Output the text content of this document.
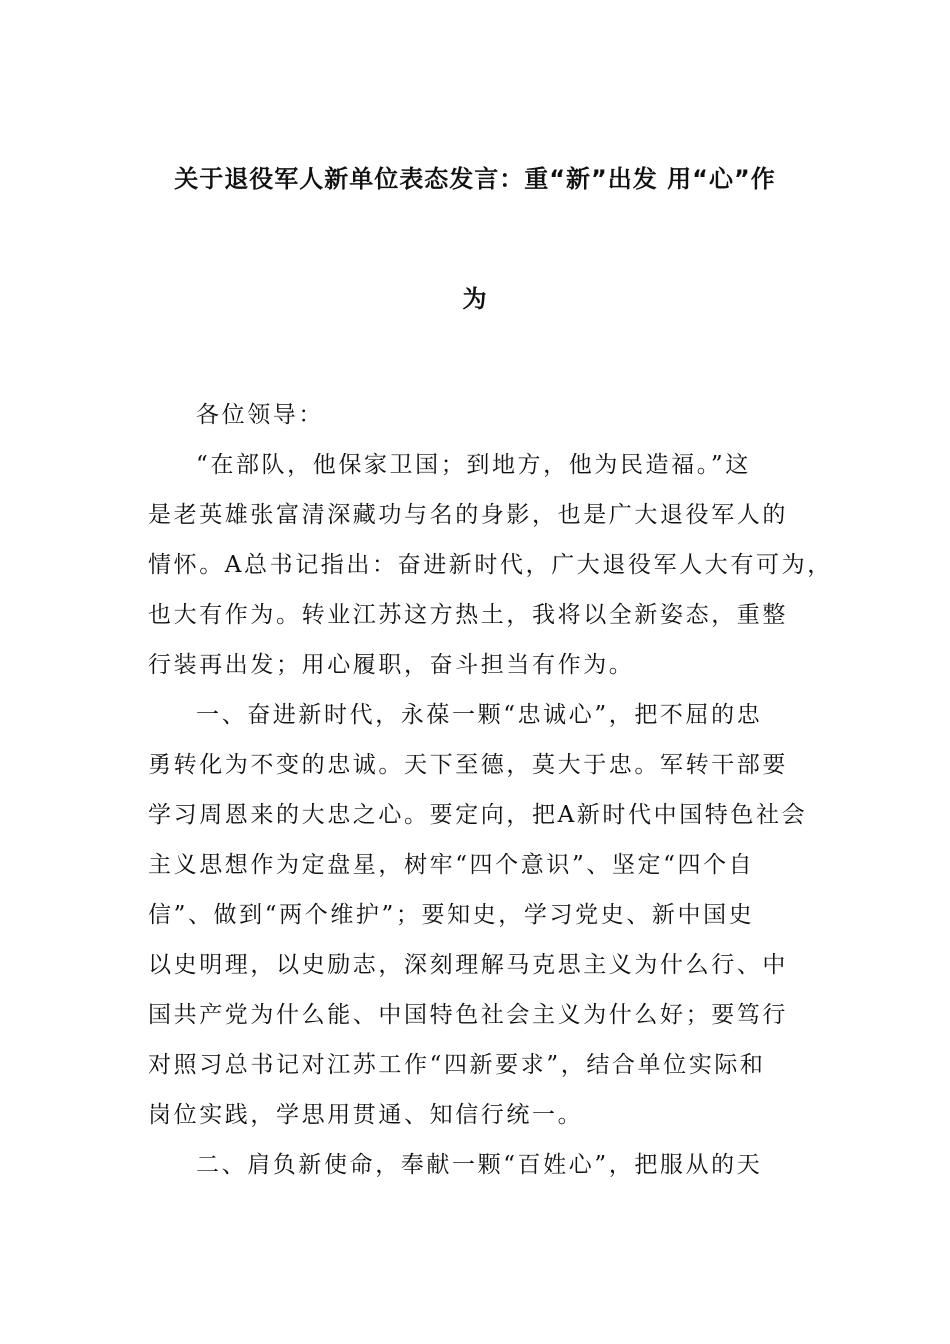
关于退役军人新单位表态发言：重“新”出发 用“心”作
为
各位领导：
“在部队，他保家卫国；到地方，他为民造福。”这
是老英雄张富清深藏功与名的身影，也是广大退役军人的
情怀。A总书记指出：奋进新时代，广大退役军人大有可为，
也大有作为。转业江苏这方热土，我将以全新姿态，重整
行装再出发；用心履职，奋斗担当有作为。
一、奋进新时代，永葆一颗“忠诚心”，把不屈的忠
勇转化为不变的忠诚。天下至德，莫大于忠。军转干部要
学习周恩来的大忠之心。要定向，把A新时代中国特色社会
主义思想作为定盘星，树牢“四个意识”、坚定“四个自
信”、做到“两个维护”；要知史，学习党史、新中国史
以史明理，以史励志，深刻理解马克思主义为什么行、中
国共产党为什么能、中国特色社会主义为什么好；要笃行
对照习总书记对江苏工作“四新要求”，结合单位实际和
岗位实践，学思用贯通、知信行统一。
二、肩负新使命，奉献一颗“百姓心”，把服从的天
